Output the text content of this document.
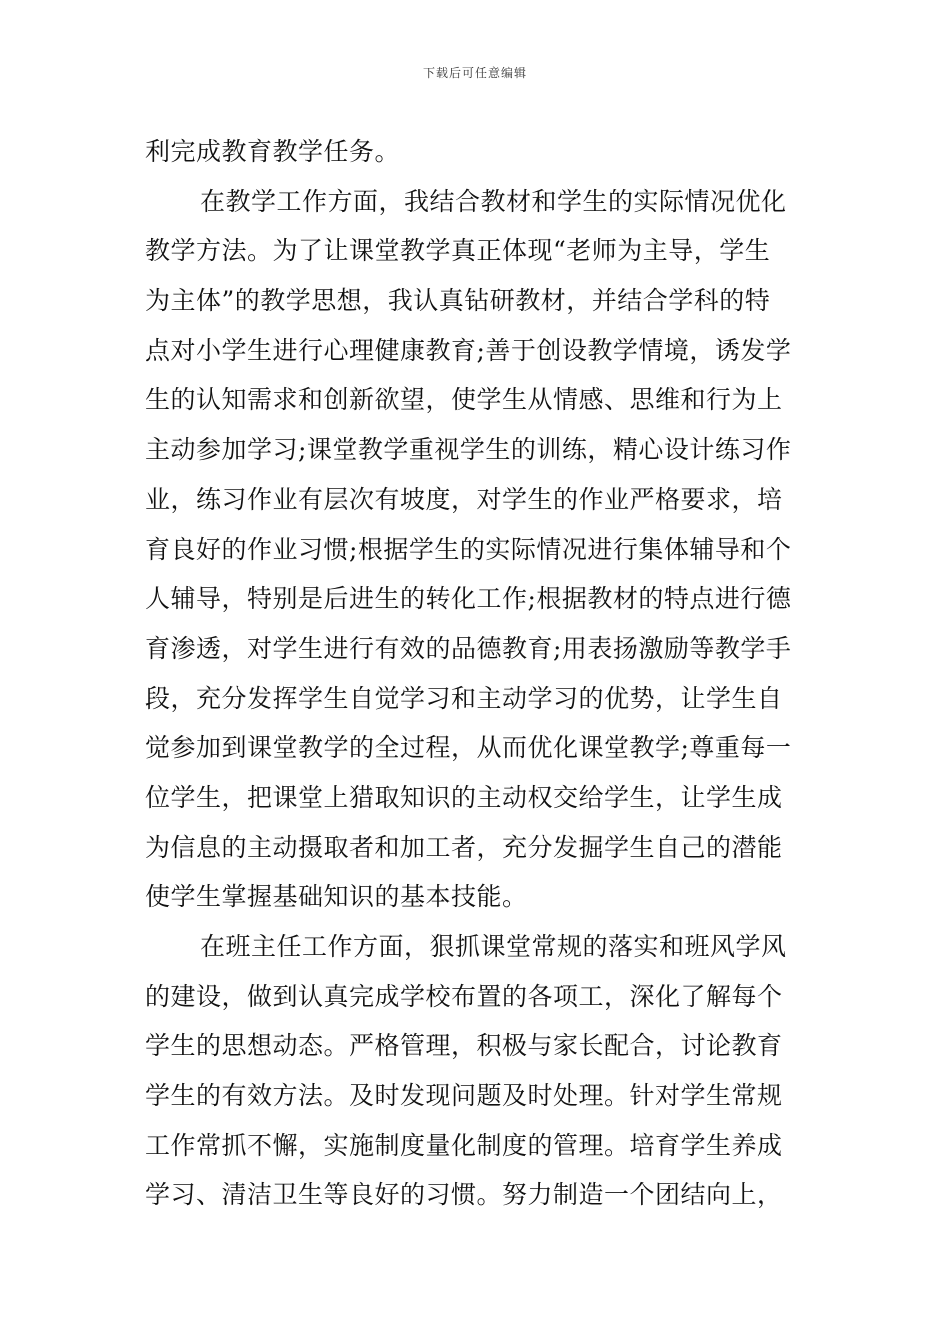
下载后可任意编辑
利完成教育教学任务。
在教学工作方面，我结合教材和学生的实际情况优化
教学方法。为了让课堂教学真正体现“老师为主导，学生
为主体”的教学思想，我认真钻研教材，并结合学科的特
点对小学生进行心理健康教育;善于创设教学情境，诱发学
生的认知需求和创新欲望，使学生从情感、思维和行为上
主动参加学习;课堂教学重视学生的训练，精心设计练习作
业，练习作业有层次有坡度，对学生的作业严格要求，培
育良好的作业习惯;根据学生的实际情况进行集体辅导和个
人辅导，特别是后进生的转化工作;根据教材的特点进行德
育渗透，对学生进行有效的品德教育;用表扬激励等教学手
段，充分发挥学生自觉学习和主动学习的优势，让学生自
觉参加到课堂教学的全过程，从而优化课堂教学;尊重每一
位学生，把课堂上猎取知识的主动权交给学生，让学生成
为信息的主动摄取者和加工者，充分发掘学生自己的潜能
使学生掌握基础知识的基本技能。
在班主任工作方面，狠抓课堂常规的落实和班风学风
的建设，做到认真完成学校布置的各项工，深化了解每个
学生的思想动态。严格管理，积极与家长配合，讨论教育
学生的有效方法。及时发现问题及时处理。针对学生常规
工作常抓不懈，实施制度量化制度的管理。培育学生养成
学习、清洁卫生等良好的习惯。努力制造一个团结向上，
